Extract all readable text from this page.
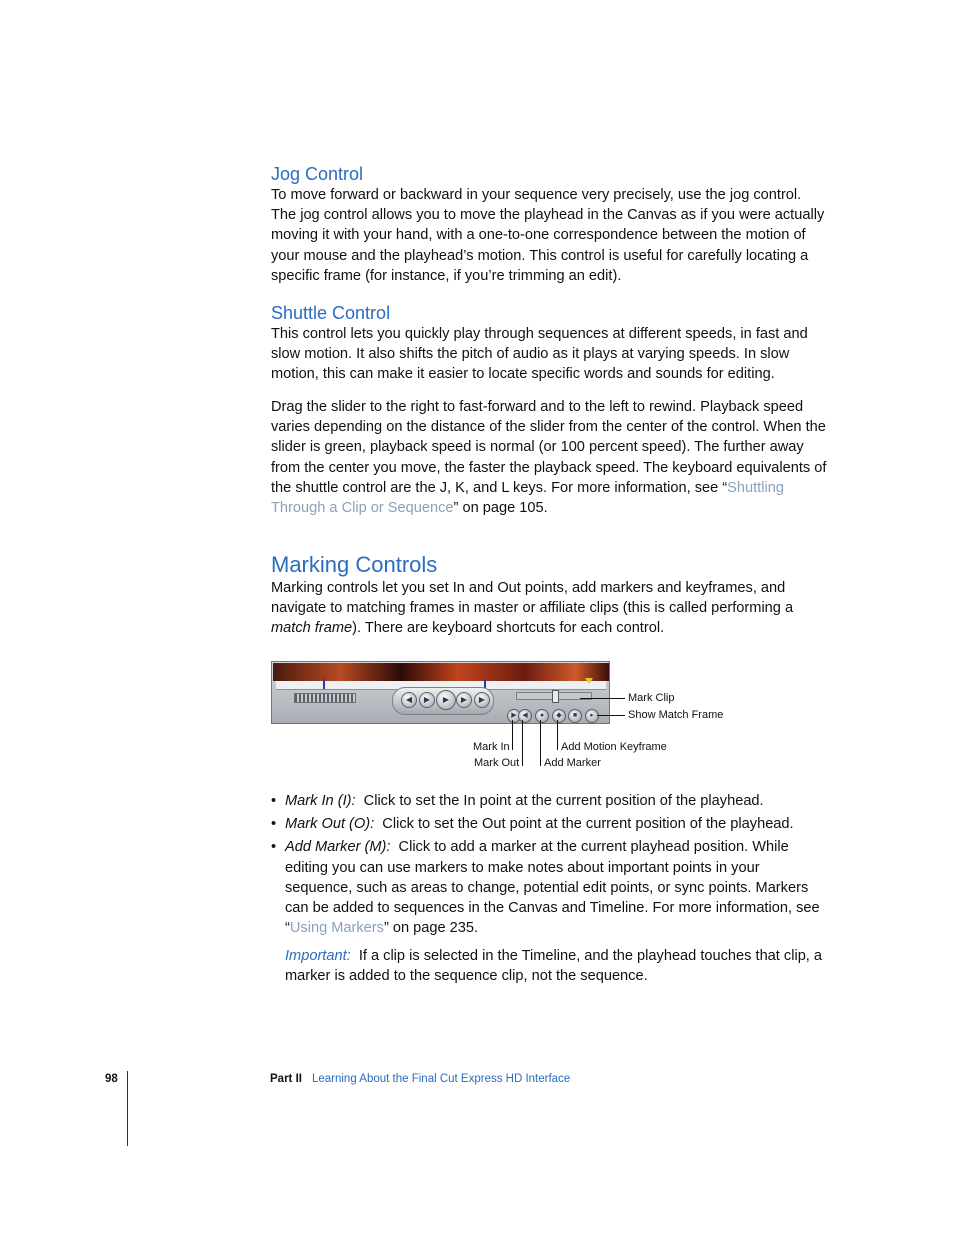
Jog Control

To move forward or backward in your sequence very precisely, use the jog control. The jog control allows you to move the playhead in the Canvas as if you were actually moving it with your hand, with a one-to-one correspondence between the motion of your mouse and the playhead’s motion. This control is useful for carefully locating a specific frame (for instance, if you’re trimming an edit).

Shuttle Control

This control lets you quickly play through sequences at different speeds, in fast and slow motion. It also shifts the pitch of audio as it plays at varying speeds. In slow motion, this can make it easier to locate specific words and sounds for editing.

Drag the slider to the right to fast-forward and to the left to rewind. Playback speed varies depending on the distance of the slider from the center of the control. When the slider is green, playback speed is normal (or 100 percent speed). The further away from the center you move, the faster the playback speed. The keyboard equivalents of the shuttle control are the J, K, and L keys. For more information, see “Shuttling Through a Clip or Sequence” on page 105.

Marking Controls

Marking controls let you set In and Out points, add markers and keyframes, and navigate to matching frames in master or affiliate clips (this is called performing a match frame). There are keyboard shortcuts for each control.

◀	▶	▶	▶	▶
▶ ◀	●	◆	■	▸
Mark Clip
Show Match Frame
Mark In
Mark Out
Add Motion Keyframe
Add Marker
• Mark In (I): Click to set the In point at the current position of the playhead.
• Mark Out (O): Click to set the Out point at the current position of the playhead.
• Add Marker (M): Click to add a marker at the current playhead position. While editing you can use markers to make notes about important points in your sequence, such as areas to change, potential edit points, or sync points. Markers can be added to sequences in the Canvas and Timeline. For more information, see “Using Markers” on page 235.
Important: If a clip is selected in the Timeline, and the playhead touches that clip, a marker is added to the sequence clip, not the sequence.
98	Part II Learning About the Final Cut Express HD Interface
